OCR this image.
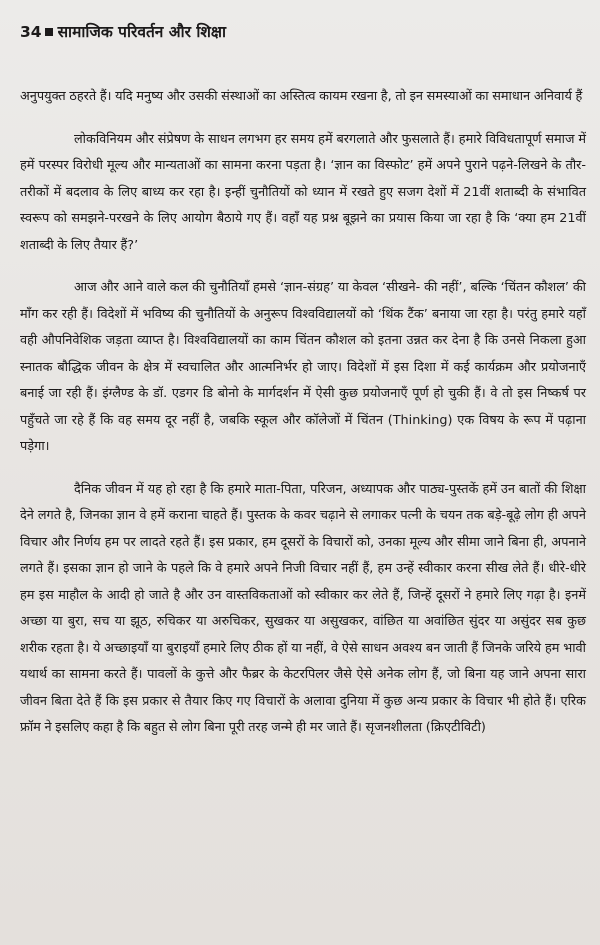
34 सामाजिक परिवर्तन और शिक्षा

अनुपयुक्त ठहरते हैं। यदि मनुष्य और उसकी संस्थाओं का अस्तित्व कायम रखना है, तो इन समस्याओं का समाधान अनिवार्य हैं

लोकविनियम और संप्रेषण के साधन लगभग हर समय हमें बरगलाते और फुसलाते हैं। हमारे विविधतापूर्ण समाज में हमें परस्पर विरोधी मूल्य और मान्यताओं का सामना करना पड़ता है। ‘ज्ञान का विस्फोट’ हमें अपने पुराने पढ़ने-लिखने के तौर-तरीकों में बदलाव के लिए बाध्य कर रहा है। इन्हीं चुनौतियों को ध्यान में रखते हुए सजग देशों में 21वीं शताब्दी के संभावित स्वरूप को समझने-परखने के लिए आयोग बैठाये गए हैं। वहाँ यह प्रश्न बूझने का प्रयास किया जा रहा है कि ‘क्या हम 21वीं शताब्दी के लिए तैयार हैं?’

आज और आने वाले कल की चुनौतियाँ हमसे ‘ज्ञान-संग्रह’ या केवल ‘सीखने- की नहीं’, बल्कि ‘चिंतन कौशल’ की माँग कर रही हैं। विदेशों में भविष्य की चुनौतियों के अनुरूप विश्वविद्यालयों को ‘थिंक टैंक’ बनाया जा रहा है। परंतु हमारे यहाँ वही औपनिवेशिक जड़ता व्याप्त है। विश्वविद्यालयों का काम चिंतन कौशल को इतना उन्नत कर देना है कि उनसे निकला हुआ स्नातक बौद्धिक जीवन के क्षेत्र में स्वचालित और आत्मनिर्भर हो जाए। विदेशों में इस दिशा में कई कार्यक्रम और प्रयोजनाएँ बनाई जा रही हैं। इंग्लैण्ड के डॉ. एडगर डि बोनो के मार्गदर्शन में ऐसी कुछ प्रयोजनाएँ पूर्ण हो चुकी हैं। वे तो इस निष्कर्ष पर पहुँचते जा रहे हैं कि वह समय दूर नहीं है, जबकि स्कूल और कॉलेजों में चिंतन (Thinking) एक विषय के रूप में पढ़ाना पड़ेगा।

दैनिक जीवन में यह हो रहा है कि हमारे माता-पिता, परिजन, अध्यापक और पाठ्य-पुस्तकें हमें उन बातों की शिक्षा देने लगते है, जिनका ज्ञान वे हमें कराना चाहते हैं। पुस्तक के कवर चढ़ाने से लगाकर पत्नी के चयन तक बड़े-बूढ़े लोग ही अपने विचार और निर्णय हम पर लादते रहते हैं। इस प्रकार, हम दूसरों के विचारों को, उनका मूल्य और सीमा जाने बिना ही, अपनाने लगते हैं। इसका ज्ञान हो जाने के पहले कि वे हमारे अपने निजी विचार नहीं हैं, हम उन्हें स्वीकार करना सीख लेते हैं। धीरे-धीरे हम इस माहौल के आदी हो जाते है और उन वास्तविकताओं को स्वीकार कर लेते हैं, जिन्हें दूसरों ने हमारे लिए गढ़ा है। इनमें अच्छा या बुरा, सच या झूठ, रुचिकर या अरुचिकर, सुखकर या असुखकर, वांछित या अवांछित सुंदर या असुंदर सब कुछ शरीक रहता है। ये अच्छाइयाँ या बुराइयाँ हमारे लिए ठीक हों या नहीं, वे ऐसे साधन अवश्य बन जाती हैं जिनके जरिये हम भावी यथार्थ का सामना करते हैं। पावलों के कुत्ते और फैब्रर के केटरपिलर जैसे ऐसे अनेक लोग हैं, जो बिना यह जाने अपना सारा जीवन बिता देते हैं कि इस प्रकार से तैयार किए गए विचारों के अलावा दुनिया में कुछ अन्य प्रकार के विचार भी होते हैं। एरिक फ्रॉम ने इसलिए कहा है कि बहुत से लोग बिना पूरी तरह जन्मे ही मर जाते हैं। सृजनशीलता (क्रिएटीविटी)
